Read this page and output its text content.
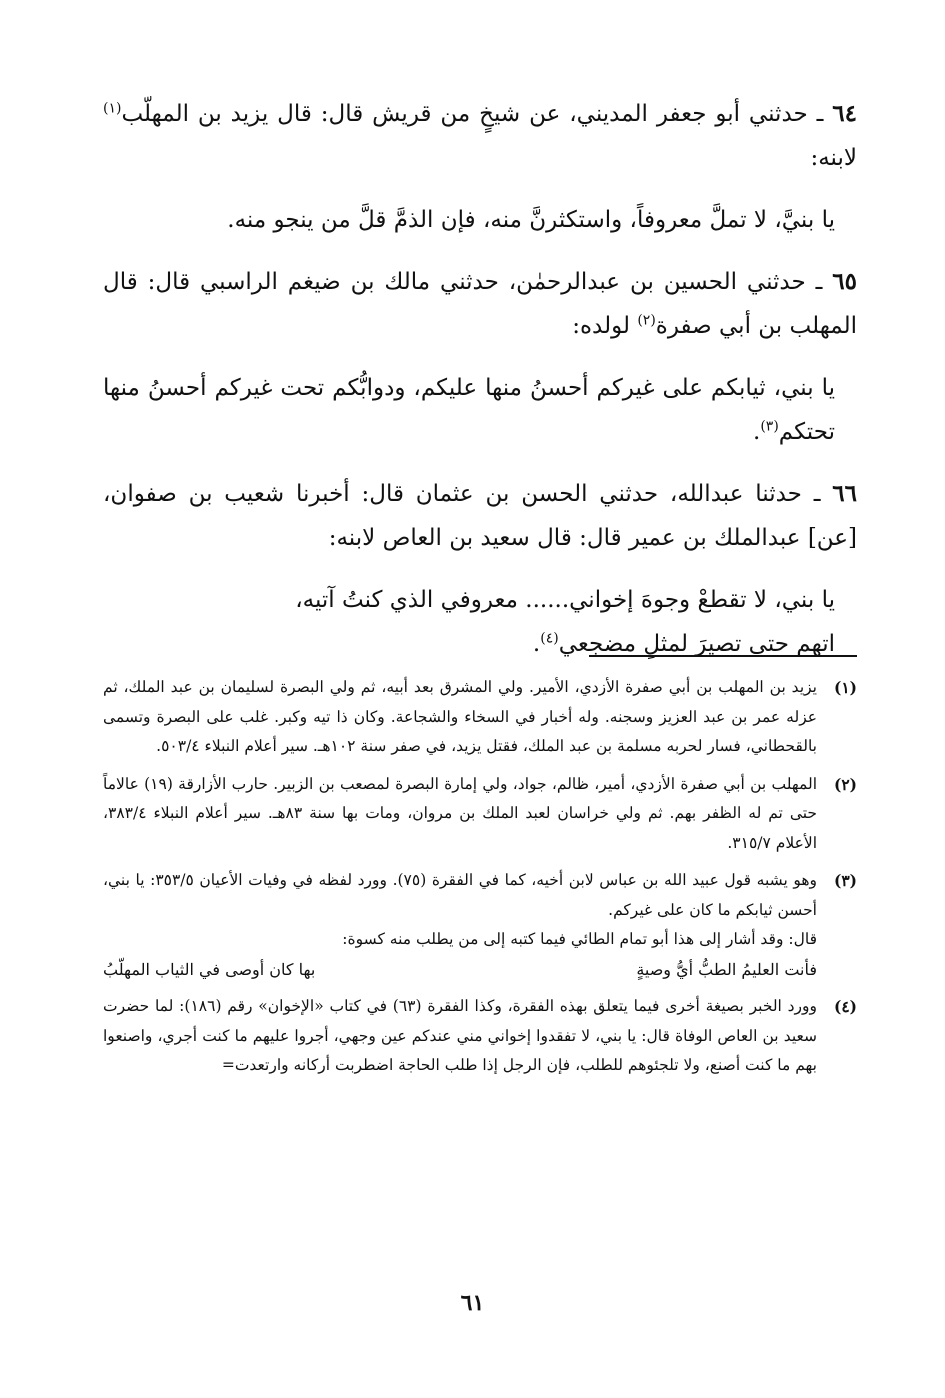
٦٤ ـ حدثني أبو جعفر المديني، عن شيخٍ من قريش قال: قال يزيد بن المهلّب$^{(١)}$ لابنه:

يا بنيَّ، لا تملَّ معروفاً، واستكثرنَّ منه، فإن الذمَّ قلَّ من ينجو منه.

٦٥ ـ حدثني الحسين بن عبدالرحمٰن، حدثني مالك بن ضيغم الراسبي قال: قال المهلب بن أبي صفرة$^{(٢)}$ لولده:

يا بني، ثيابكم على غيركم أحسنُ منها عليكم، ودوابُّكم تحت غيركم أحسنُ منها تحتكم$^{(٣)}$.

٦٦ ـ حدثنا عبدالله، حدثني الحسن بن عثمان قال: أخبرنا شعيب بن صفوان، [عن] عبدالملك بن عمير قال: قال سعيد بن العاص لابنه:

يا بني، لا تقطعْ وجوهَ إخواني...... معروفي الذي كنتُ آتيه،
اتهم حتى تصيرَ لمثلِ مضجعي$^{(٤)}$.

(١)
يزيد بن المهلب بن أبي صفرة الأزدي، الأمير. ولي المشرق بعد أبيه، ثم ولي البصرة لسليمان بن عبد الملك، ثم عزله عمر بن عبد العزيز وسجنه. وله أخبار في السخاء والشجاعة. وكان ذا تيه وكبر. غلب على البصرة وتسمى بالقحطاني، فسار لحربه مسلمة بن عبد الملك، فقتل يزيد، في صفر سنة ١٠٢هـ. سير أعلام النبلاء ٥٠٣/٤.
(٢)
المهلب بن أبي صفرة الأزدي، أمير، ظالم، جواد، ولي إمارة البصرة لمصعب بن الزبير. حارب الأزارقة (١٩) عالاماً حتى تم له الظفر بهم. ثم ولي خراسان لعبد الملك بن مروان، ومات بها سنة ٨٣هـ. سير أعلام النبلاء ٣٨٣/٤، الأعلام ٣١٥/٧.
(٣)
وهو يشبه قول عبيد الله بن عباس لابن أخيه، كما في الفقرة (٧٥). وورد لفظه في وفيات الأعيان ٣٥٣/٥: يا بني، أحسن ثيابكم ما كان على غيركم.
قال: وقد أشار إلى هذا أبو تمام الطائي فيما كتبه إلى من يطلب منه كسوة:
فأنت العليمُ الطبُّ أيُّ وصيةٍ
بها كان أوصى في الثياب المهلّبُ
(٤)
وورد الخبر بصيغة أخرى فيما يتعلق بهذه الفقرة، وكذا الفقرة (٦٣) في كتاب «الإخوان» رقم (١٨٦): لما حضرت سعيد بن العاص الوفاة قال: يا بني، لا تفقدوا إخواني مني عندكم عين وجهي، أجروا عليهم ما كنت أجري، واصنعوا بهم ما كنت أصنع، ولا تلجئوهم للطلب، فإن الرجل إذا طلب الحاجة اضطربت أركانه وارتعدت=
٦١
